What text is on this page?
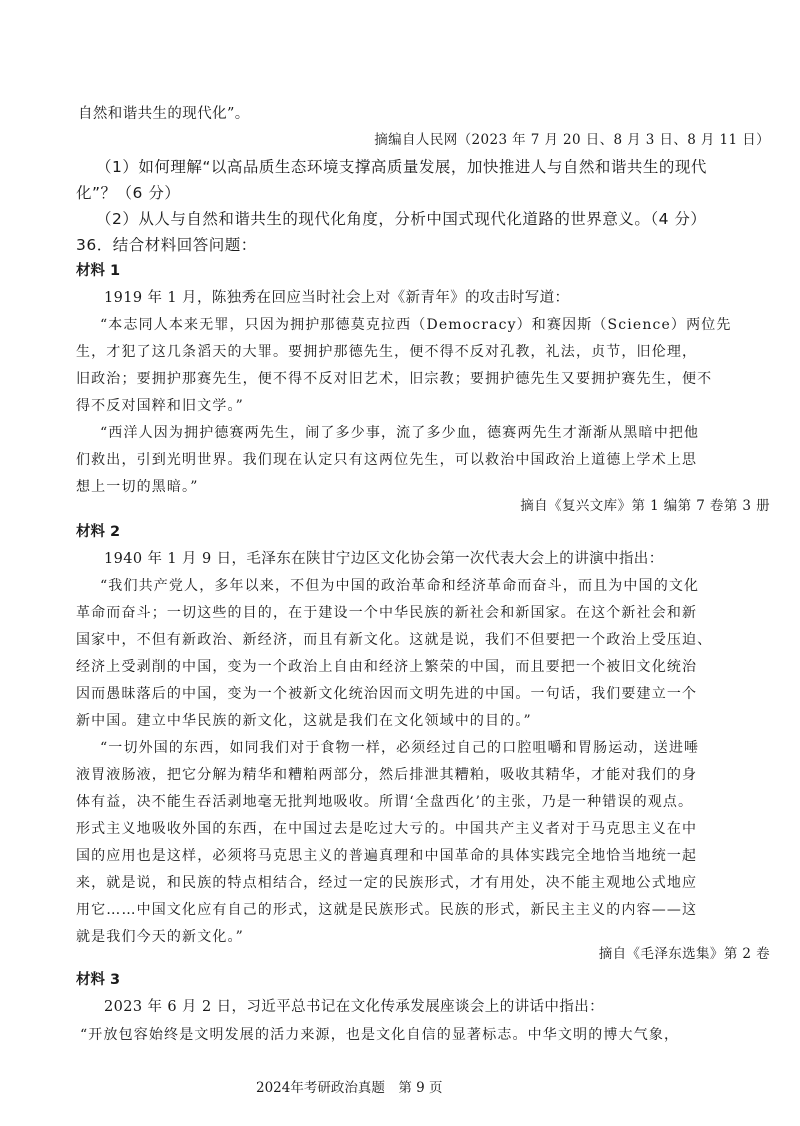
自然和谐共生的现代化”。
摘编自人民网（2023 年 7 月 20 日、8 月 3 日、8 月 11 日）
（1）如何理解“以高品质生态环境支撑高质量发展，加快推进人与自然和谐共生的现代
化”？（6 分）
（2）从人与自然和谐共生的现代化角度，分析中国式现代化道路的世界意义。（4 分）
36．结合材料回答问题：
材料 1
1919 年 1 月，陈独秀在回应当时社会上对《新青年》的攻击时写道：
“本志同人本来无罪，只因为拥护那德莫克拉西（Democracy）和赛因斯（Science）两位先
生，才犯了这几条滔天的大罪。要拥护那德先生，便不得不反对孔教，礼法，贞节，旧伦理，
旧政治；要拥护那赛先生，便不得不反对旧艺术，旧宗教；要拥护德先生又要拥护赛先生，便不
得不反对国粹和旧文学。”
“西洋人因为拥护德赛两先生，闹了多少事，流了多少血，德赛两先生才渐渐从黑暗中把他
们救出，引到光明世界。我们现在认定只有这两位先生，可以救治中国政治上道德上学术上思
想上一切的黑暗。”
摘自《复兴文库》第 1 编第 7 卷第 3 册
材料 2
1940 年 1 月 9 日，毛泽东在陕甘宁边区文化协会第一次代表大会上的讲演中指出：
“我们共产党人，多年以来，不但为中国的政治革命和经济革命而奋斗，而且为中国的文化
革命而奋斗；一切这些的目的，在于建设一个中华民族的新社会和新国家。在这个新社会和新
国家中，不但有新政治、新经济，而且有新文化。这就是说，我们不但要把一个政治上受压迫、
经济上受剥削的中国，变为一个政治上自由和经济上繁荣的中国，而且要把一个被旧文化统治
因而愚昧落后的中国，变为一个被新文化统治因而文明先进的中国。一句话，我们要建立一个
新中国。建立中华民族的新文化，这就是我们在文化领域中的目的。”
“一切外国的东西，如同我们对于食物一样，必须经过自己的口腔咀嚼和胃肠运动，送进唾
液胃液肠液，把它分解为精华和糟粕两部分，然后排泄其糟粕，吸收其精华，才能对我们的身
体有益，决不能生吞活剥地毫无批判地吸收。所谓‘全盘西化’的主张，乃是一种错误的观点。
形式主义地吸收外国的东西，在中国过去是吃过大亏的。中国共产主义者对于马克思主义在中
国的应用也是这样，必须将马克思主义的普遍真理和中国革命的具体实践完全地恰当地统一起
来，就是说，和民族的特点相结合，经过一定的民族形式，才有用处，决不能主观地公式地应
用它……中国文化应有自己的形式，这就是民族形式。民族的形式，新民主主义的内容——这
就是我们今天的新文化。”
摘自《毛泽东选集》第 2 卷
材料 3
2023 年 6 月 2 日，习近平总书记在文化传承发展座谈会上的讲话中指出：
“开放包容始终是文明发展的活力来源，也是文化自信的显著标志。中华文明的博大气象，
2024年考研政治真题　第 9 页
